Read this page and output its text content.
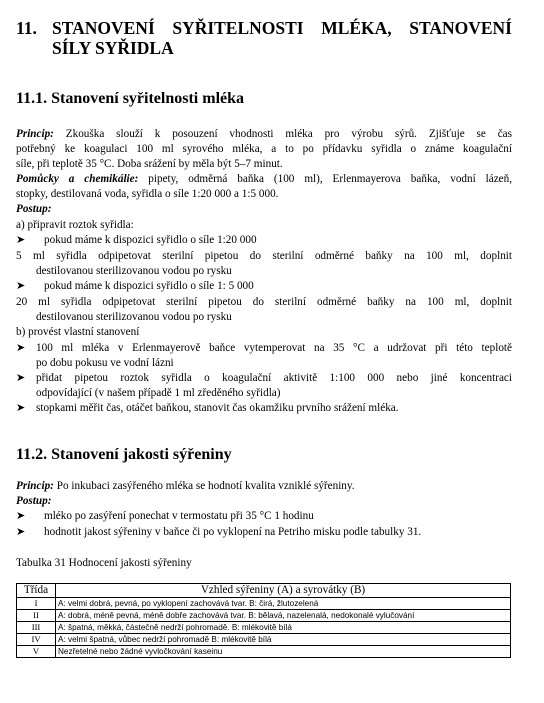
11. STANOVENÍ SYŘITELNOSTI MLÉKA, STANOVENÍ
SÍLY SYŘIDLA
11.1. Stanovení syřitelnosti mléka
Princip: Zkouška slouží k posouzení vhodnosti mléka pro výrobu sýrů. Zjišťuje se čas
potřebný ke koagulaci 100 ml syrového mléka, a to po přídavku syřidla o známe koagulační
síle, při teplotě 35 °C. Doba srážení by měla být 5–7 minut.
Pomůcky a chemikálie: pipety, odměrná baňka (100 ml), Erlenmayerova baňka, vodní lázeň,
stopky, destilovaná voda, syřidla o síle 1:20 000 a 1:5 000.
Postup:
a) připravit roztok syřidla:
➤ pokud máme k dispozici syřidlo o síle 1:20 000
5 ml syřidla odpipetovat sterilní pipetou do sterilní odměrné baňky na 100 ml, doplnit
destilovanou sterilizovanou vodou po rysku
➤ pokud máme k dispozici syřidlo o síle 1: 5 000
20 ml syřidla odpipetovat sterilní pipetou do sterilní odměrné baňky na 100 ml, doplnit
destilovanou sterilizovanou vodou po rysku
b) provést vlastní stanovení
➤ 100 ml mléka v Erlenmayerově baňce vytemperovat na 35 °C a udržovat při této teplotě
po dobu pokusu ve vodní lázni
➤ přidat pipetou roztok syřidla o koagulační aktivitě 1:100 000 nebo jiné koncentraci
odpovídající (v našem případě 1 ml zředěného syřidla)
➤ stopkami měřit čas, otáčet baňkou, stanovit čas okamžiku prvního srážení mléka.
11.2. Stanovení jakosti sýřeniny
Princip: Po inkubaci zasýřeného mléka se hodnotí kvalita vzniklé sýřeniny.
Postup:
➤ mléko po zasýření ponechat v termostatu při 35 °C 1 hodinu
➤ hodnotit jakost sýřeniny v baňce či po vyklopení na Petriho misku podle tabulky 31.
Tabulka 31 Hodnocení jakosti sýřeniny
Třída	Vzhled sýřeniny (A) a syrovátky (B)
I	A: velmi dobrá, pevná, po vyklopení zachovává tvar. B: čirá, žlutozelená
II	A: dobrá, méně pevná, méně dobře zachovává tvar. B: bělavá, nazelenalá, nedokonalé vylučování
III	A: špatná, měkká, částečně nedrží pohromadě. B: mlékovitě bílá
IV	A: velmi špatná, vůbec nedrží pohromadě B: mlékovitě bílá
V	Nezřetelné nebo žádné vyvločkování kaseinu
